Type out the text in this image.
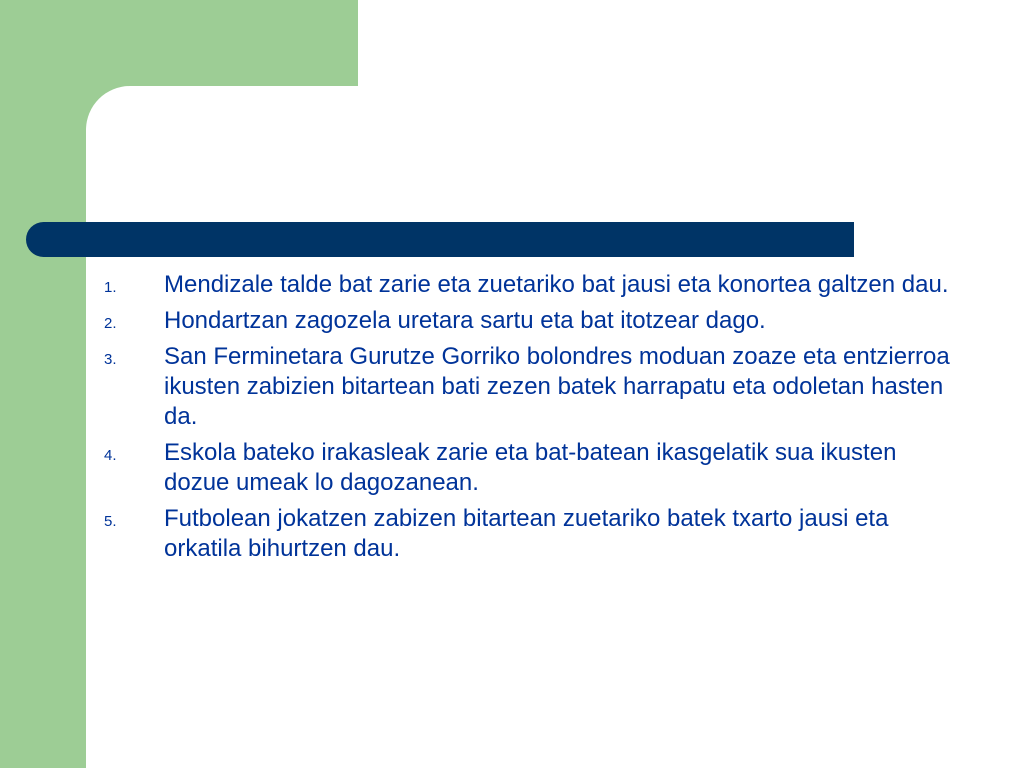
1.	Mendizale talde bat zarie eta zuetariko bat jausi eta konortea galtzen dau.
2.	Hondartzan zagozela uretara sartu eta bat itotzear dago.
3.	San Ferminetara Gurutze Gorriko bolondres moduan zoaze eta entzierroa ikusten zabizien bitartean bati zezen batek harrapatu eta odoletan hasten da.
4.	Eskola bateko irakasleak zarie eta bat-batean ikasgelatik sua ikusten dozue umeak lo dagozanean.
5.	Futbolean jokatzen zabizen bitartean zuetariko batek txarto jausi eta orkatila bihurtzen dau.
